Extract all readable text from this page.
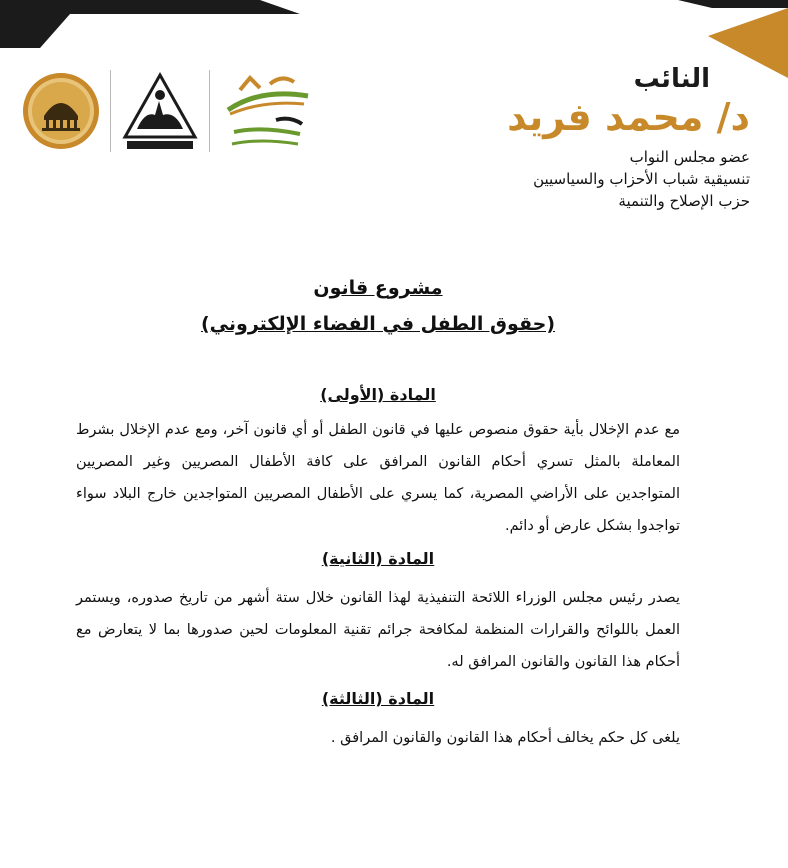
النائب
د/ محمد فريد
عضو مجلس النواب
تنسيقية شباب الأحزاب والسياسيين
حزب الإصلاح والتنمية

مشروع قانون

(حقوق الطفل في الفضاء الإلكتروني)

المادة (الأولى)

مع عدم الإخلال بأية حقوق منصوص عليها في قانون الطفل أو أي قانون آخر، ومع عدم الإخلال بشرط المعاملة بالمثل تسري أحكام القانون المرافق على كافة الأطفال المصريين وغير المصريين المتواجدين على الأراضي المصرية، كما يسري على الأطفال المصريين المتواجدين خارج البلاد سواء تواجدوا بشكل عارض أو دائم.

المادة (الثانية)

يصدر رئيس مجلس الوزراء اللائحة التنفيذية لهذا القانون خلال ستة أشهر من تاريخ صدوره، ويستمر العمل باللوائح والقرارات المنظمة لمكافحة جرائم تقنية المعلومات لحين صدورها بما لا يتعارض مع أحكام هذا القانون والقانون المرافق له.

المادة (الثالثة)

يلغى كل حكم يخالف أحكام هذا القانون والقانون المرافق .
